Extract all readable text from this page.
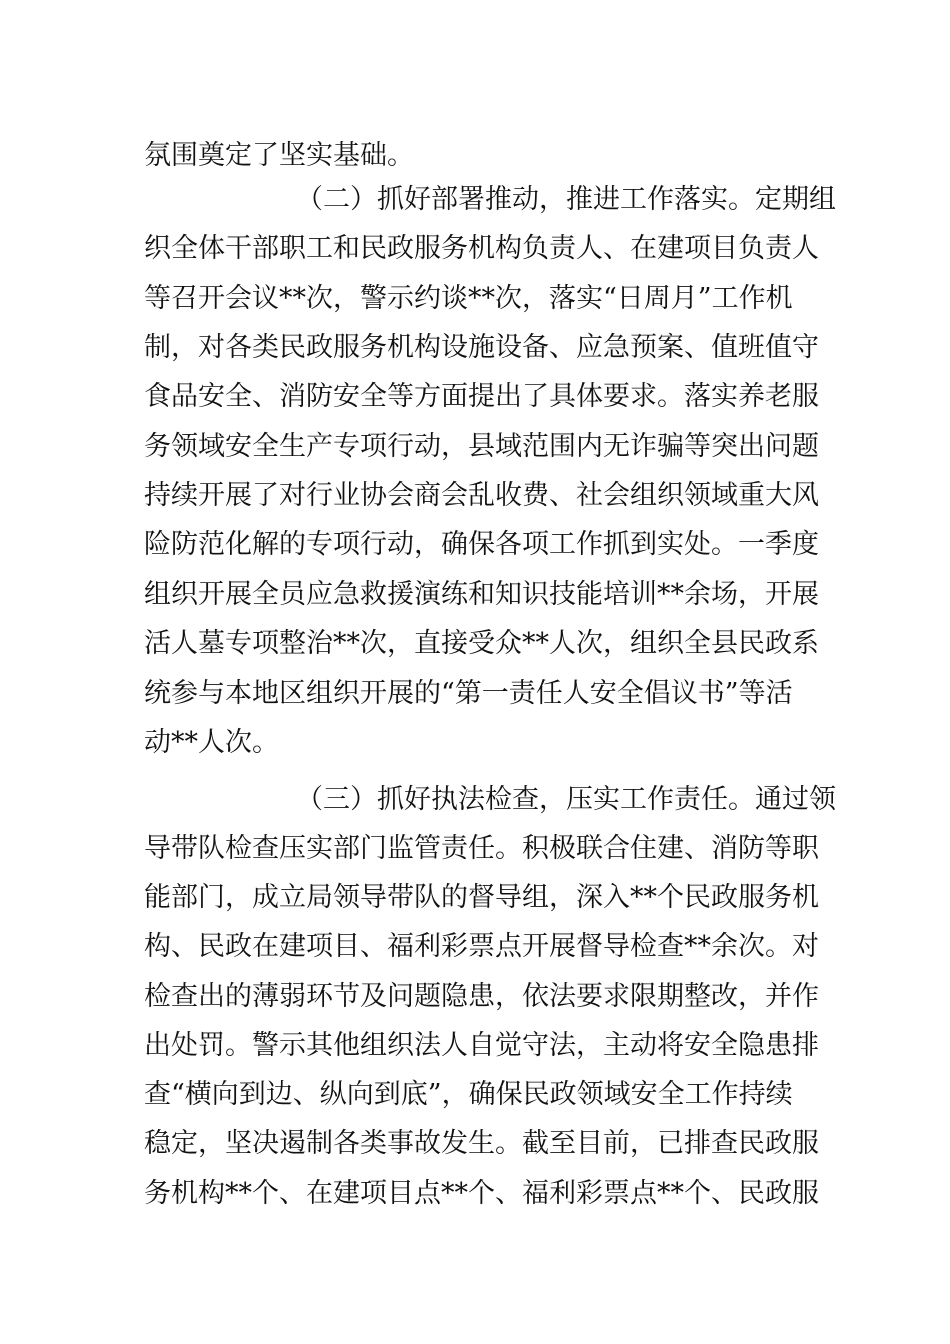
氛围奠定了坚实基础。
（二）抓好部署推动，推进工作落实。定期组
织全体干部职工和民政服务机构负责人、在建项目负责人
等召开会议**次，警示约谈**次，落实“日周月”工作机
制，对各类民政服务机构设施设备、应急预案、值班值守
食品安全、消防安全等方面提出了具体要求。落实养老服
务领域安全生产专项行动，县域范围内无诈骗等突出问题
持续开展了对行业协会商会乱收费、社会组织领域重大风
险防范化解的专项行动，确保各项工作抓到实处。一季度
组织开展全员应急救援演练和知识技能培训**余场，开展
活人墓专项整治**次，直接受众**人次，组织全县民政系
统参与本地区组织开展的“第一责任人安全倡议书”等活
动**人次。
（三）抓好执法检查，压实工作责任。通过领
导带队检查压实部门监管责任。积极联合住建、消防等职
能部门，成立局领导带队的督导组，深入**个民政服务机
构、民政在建项目、福利彩票点开展督导检查**余次。对
检查出的薄弱环节及问题隐患，依法要求限期整改，并作
出处罚。警示其他组织法人自觉守法，主动将安全隐患排
查“横向到边、纵向到底”，确保民政领域安全工作持续
稳定，坚决遏制各类事故发生。截至目前，已排查民政服
务机构**个、在建项目点**个、福利彩票点**个、民政服
